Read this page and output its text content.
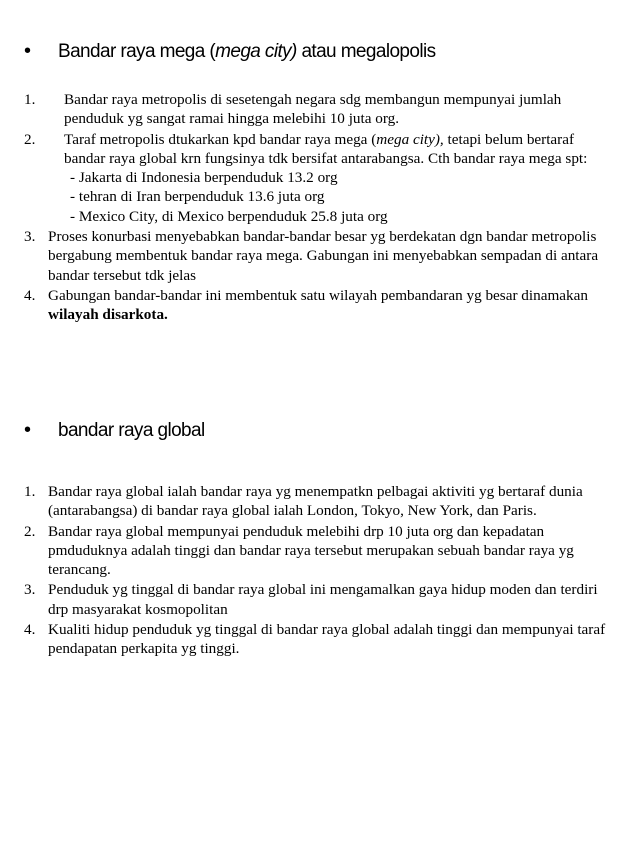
• Bandar raya mega (mega city) atau megalopolis
1.	Bandar raya metropolis di sesetengah negara sdg membangun mempunyai jumlah penduduk yg sangat ramai hingga melebihi 10 juta org.
2.	Taraf metropolis dtukarkan kpd bandar raya mega (mega city), tetapi belum bertaraf bandar raya global krn fungsinya tdk bersifat antarabangsa. Cth bandar raya mega spt:
- Jakarta di Indonesia berpenduduk 13.2 org
- tehran di Iran berpenduduk 13.6 juta org
- Mexico City, di Mexico berpenduduk 25.8 juta org
3. Proses konurbasi menyebabkan bandar-bandar besar yg berdekatan dgn bandar metropolis bergabung membentuk bandar raya mega. Gabungan ini menyebabkan sempadan di antara bandar tersebut tdk jelas
4. Gabungan bandar-bandar ini membentuk satu wilayah pembandaran yg besar dinamakan wilayah disarkota.
• bandar raya global
1. Bandar raya global ialah bandar raya yg menempatkn pelbagai aktiviti yg bertaraf dunia (antarabangsa) di bandar raya global ialah London, Tokyo, New York, dan Paris.
2. Bandar raya global mempunyai penduduk melebihi drp 10 juta org dan kepadatan pmduduknya adalah tinggi dan bandar raya tersebut merupakan sebuah bandar raya yg terancang.
3. Penduduk yg tinggal di bandar raya global ini mengamalkan gaya hidup moden dan terdiri drp masyarakat kosmopolitan
4. Kualiti hidup penduduk yg tinggal di bandar raya global adalah tinggi dan mempunyai taraf pendapatan perkapita yg tinggi.
